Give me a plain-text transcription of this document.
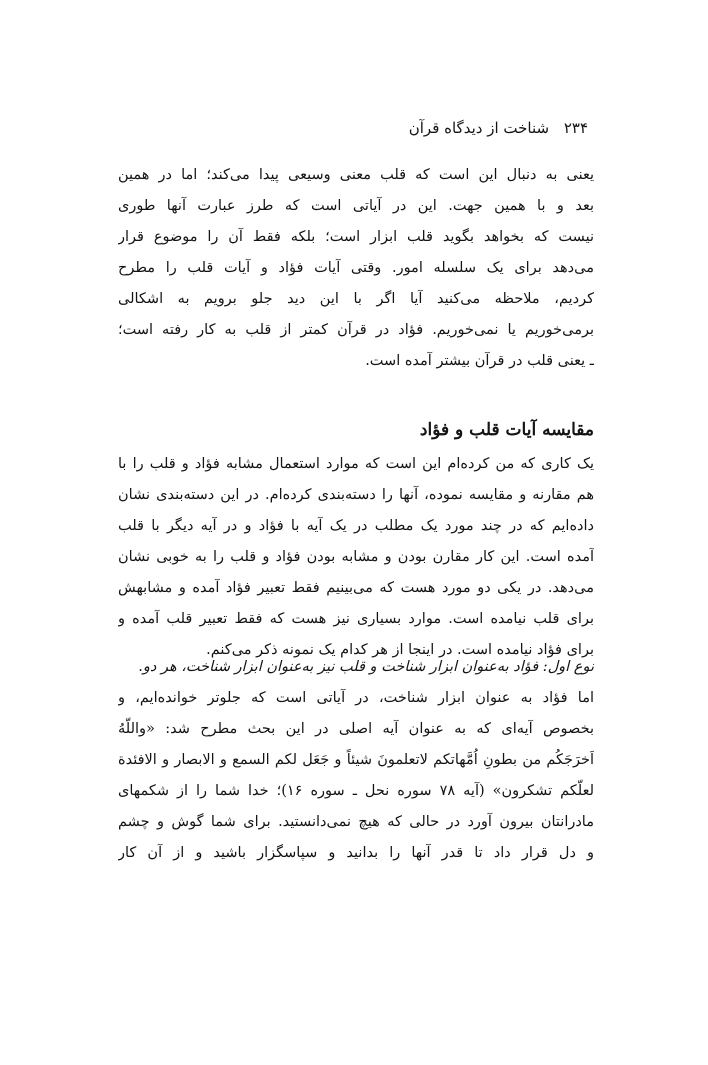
۲۳۴ شناخت از دیدگاه قرآن
یعنی به دنبال این است که قلب معنی وسیعی پیدا می‌کند؛ اما در همین
بعد و با همین جهت. این در آیاتی است که طرز عبارت آنها طوری
نیست که بخواهد بگوید قلب ابزار است؛ بلکه فقط آن را موضوع قرار
می‌دهد برای یک سلسله امور. وقتی آیات فؤاد و آیات قلب را مطرح
کردیم، ملاحظه می‌کنید آیا اگر با این دید جلو برویم به اشکالی
برمی‌خوریم یا نمی‌خوریم. فؤاد در قرآن کمتر از قلب به کار رفته است؛
ـ یعنی قلب در قرآن بیشتر آمده است.
مقایسه آیات قلب و فؤاد
یک کاری که من کرده‌ام این است که موارد استعمال مشابه فؤاد و قلب را با
هم مقارنه و مقایسه نموده، آنها را دسته‌بندی کرده‌ام. در این دسته‌بندی نشان
داده‌ایم که در چند مورد یک مطلب در یک آیه با فؤاد و در آیه دیگر با قلب
آمده است. این کار مقارن بودن و مشابه بودن فؤاد و قلب را به خوبی نشان
می‌دهد. در یکی دو مورد هست که می‌بینیم فقط تعبیر فؤاد آمده و مشابهش
برای قلب نیامده است. موارد بسیاری نیز هست که فقط تعبیر قلب آمده و
برای فؤاد نیامده است. در اینجا از هر کدام یک نمونه ذکر می‌کنم.
نوع اول: فؤاد به‌عنوان ابزار شناخت و قلب نیز به‌عنوان ابزار شناخت، هر دو.
اما فؤاد به عنوان ابزار شناخت، در آیاتی است که جلوتر خوانده‌ایم، و
بخصوص آیه‌ای که به عنوان آیه اصلی در این بحث مطرح شد: «واللّهُ
اَخرَجَکُم من بطونِ اُمَّهاتکم لاتعلمونَ شیئاً و جَعَل لکم السمع و الابصار و الافئدة
لعلّکم تشکرون» (آیه ۷۸ سوره نحل ـ سوره ۱۶)؛ خدا شما را از شکمهای
مادرانتان بیرون آورد در حالی که هیچ نمی‌دانستید. برای شما گوش و چشم
و دل قرار داد تا قدر آنها را بدانید و سپاسگزار باشید و از آن کار
